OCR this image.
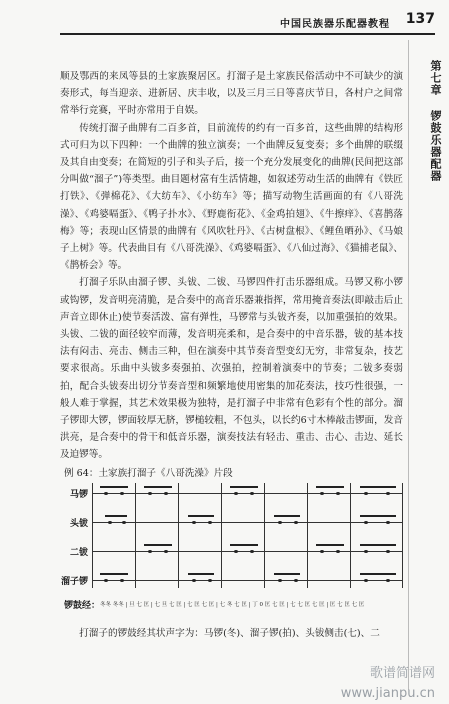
中国民族器乐配器教程	137
第七章 锣鼓乐器配器

顺及鄂西的来凤等县的土家族聚居区。打溜子是土家族民俗活动中不可缺少的演奏形式，每当迎亲、进新居、庆丰收，以及三月三日等喜庆节日，各村户之间常常举行竞赛，平时亦常用于自娱。

传统打溜子曲牌有二百多首，目前流传的约有一百多首，这些曲牌的结构形式可归为以下四种：一个曲牌的独立演奏；一个曲牌反复变奏；多个曲牌的联缀及其自由变奏；在简短的引子和头子后，接一个充分发展变化的曲牌(民间把这部分叫做“溜子”)等类型。曲目题材富有生活情趣，如叙述劳动生活的曲牌有《铁匠打铁》、《弹棉花》、《大纺车》、《小纺车》等；描写动物生活画面的有《八哥洗澡》、《鸡婆嗝蛋》、《鸭子扑水》、《野鹿衔花》、《金鸡拍翅》、《牛擦痒》、《喜鹊落梅》等；表现山区情景的曲牌有《风吹牡丹》、《古树盘根》、《鲤鱼晒孙》、《马娘子上树》等。代表曲目有《八哥洗澡》、《鸡婆嗝蛋》、《八仙过海》、《猫捕老鼠》、《鹊桥会》等。

打溜子乐队由溜子锣、头钹、二钹、马锣四件打击乐器组成。马锣又称小锣或钩锣，发音明亮清脆，是合奏中的高音乐器兼指挥，常用掩音奏法(即敲击后止声音立即休止)使节奏活泼、富有弹性，马锣常与头钹齐奏，以加重强拍的效果。头钹、二钹的面径较窄而薄，发音明亮柔和，是合奏中的中音乐器，钹的基本技法有闷击、亮击、侧击三种，但在演奏中其节奏音型变幻无穷，非常复杂，技艺要求很高。乐曲中头钹多奏强拍、次强拍，控制着演奏中的节奏；二钹多奏弱拍，配合头钹奏出切分节奏音型和频繁地使用密集的加花奏法，技巧性很强，一般人难于掌握，其艺术效果极为独特，是打溜子中非常有色彩有个性的部分。溜子锣即大锣，锣面较厚无脐，锣槌较粗，不包头，以长约6寸木棒敲击锣面，发音洪亮，是合奏中的骨干和低音乐器，演奏技法有轻击、重击、击心、击边、延长及迫锣等。

例 64：土家族打溜子《八哥洗澡》片段
马锣
头钹
二钹
溜子锣
锣鼓经： 冬冬 冬冬 | 旦 七 匡 | 七 旦 七 匡 | 七 匡 七 匡 | 七 冬 七 匡 | 丁 0 匡 七 匡 | 七 七 匡 七 匡 | 匡 七 匡 七 匡
打溜子的锣鼓经其状声字为：马锣(冬)、溜子锣(拍)、头钹侧击(七)、二
歌谱简谱网 www.jianpu.cn
